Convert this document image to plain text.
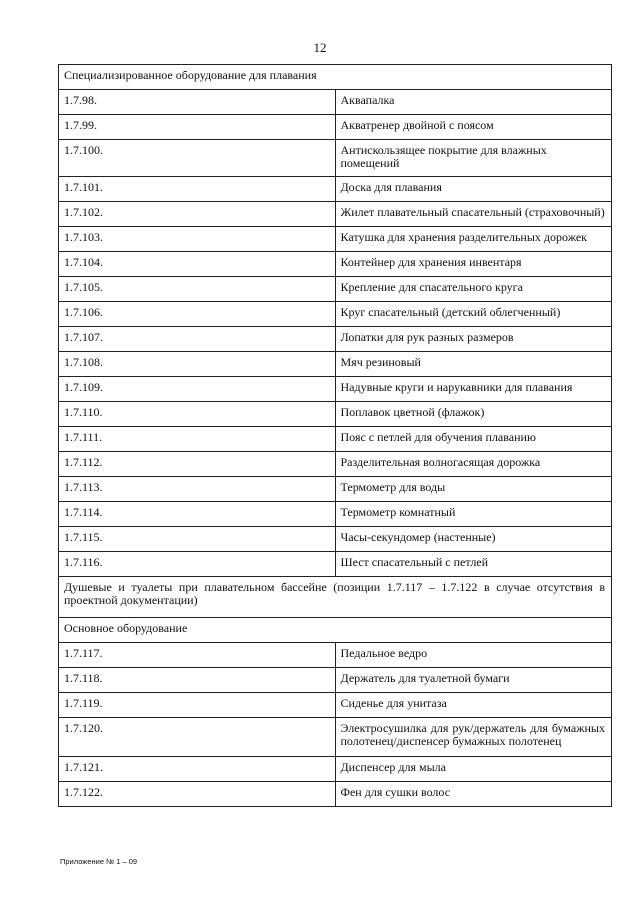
12
Специализированное оборудование для плавания	
1.7.98.	Аквапалка
1.7.99.	Акватренер двойной с поясом
1.7.100.	Антискользящее покрытие для влажных помещений
1.7.101.	Доска для плавания
1.7.102.	Жилет плавательный спасательный (страховочный)
1.7.103.	Катушка для хранения разделительных дорожек
1.7.104.	Контейнер для хранения инвентаря
1.7.105.	Крепление для спасательного круга
1.7.106.	Круг спасательный (детский облегченный)
1.7.107.	Лопатки для рук разных размеров
1.7.108.	Мяч резиновый
1.7.109.	Надувные круги и нарукавники для плавания
1.7.110.	Поплавок цветной (флажок)
1.7.111.	Пояс с петлей для обучения плаванию
1.7.112.	Разделительная волногасящая дорожка
1.7.113.	Термометр для воды
1.7.114.	Термометр комнатный
1.7.115.	Часы-секундомер (настенные)
1.7.116.	Шест спасательный с петлей
Душевые и туалеты при плавательном бассейне (позиции 1.7.117 – 1.7.122 в случае отсутствия в проектной документации)	
Основное оборудование	
1.7.117.	Педальное ведро
1.7.118.	Держатель для туалетной бумаги
1.7.119.	Сиденье для унитаза
1.7.120.	Электросушилка для рук/держатель для бумажных полотенец/диспенсер бумажных полотенец
1.7.121.	Диспенсер для мыла
1.7.122.	Фен для сушки волос
Приложение № 1 – 09
